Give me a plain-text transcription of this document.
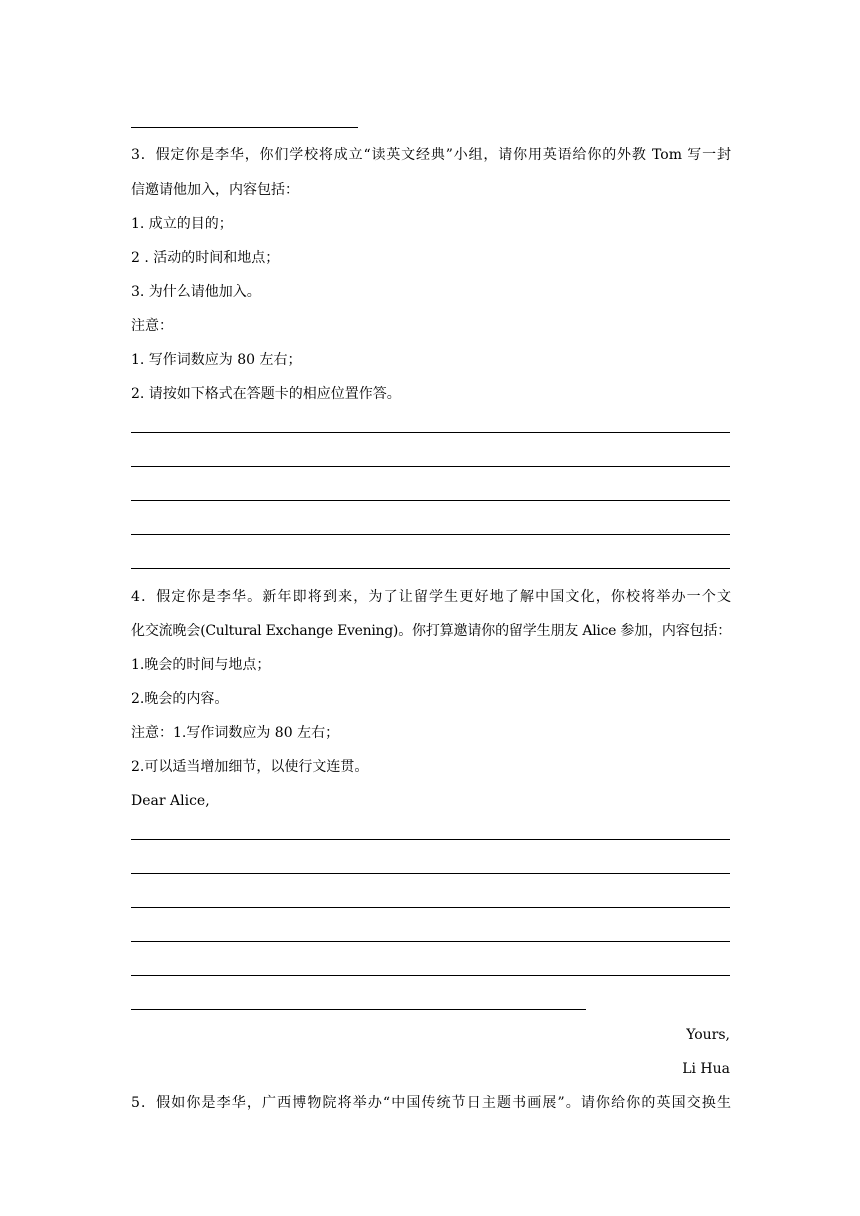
3．假定你是李华，你们学校将成立“读英文经典”小组，请你用英语给你的外教 Tom 写一封
信邀请他加入，内容包括：
1. 成立的目的；
2 . 活动的时间和地点；
3. 为什么请他加入。
注意：
1. 写作词数应为 80 左右；
2. 请按如下格式在答题卡的相应位置作答。
4．假定你是李华。新年即将到来，为了让留学生更好地了解中国文化，你校将举办一个文
化交流晚会(Cultural Exchange Evening)。你打算邀请你的留学生朋友 Alice 参加，内容包括：
1.晚会的时间与地点；
2.晚会的内容。
注意：1.写作词数应为 80 左右；
2.可以适当增加细节，以使行文连贯。
Dear Alice,
Yours,
Li Hua
5．假如你是李华，广西博物院将举办“中国传统节日主题书画展”。请你给你的英国交换生
